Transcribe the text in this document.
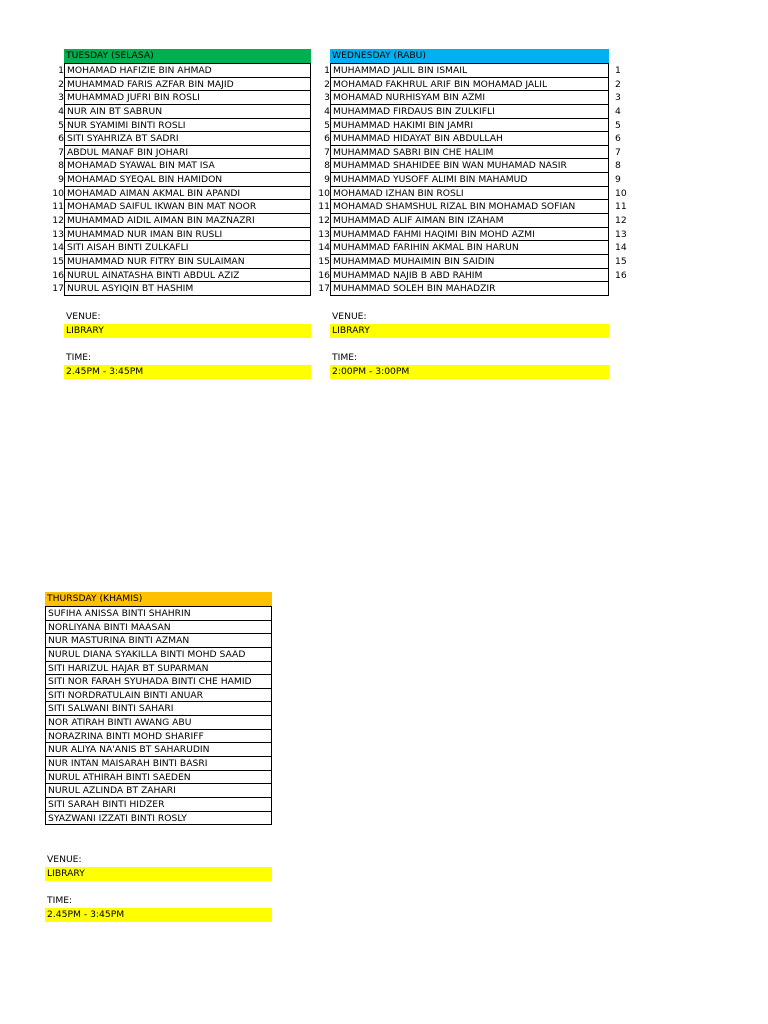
1
2
3
4
5
6
7
8
9
10
11
12
13
14
15
16
17
TUESDAY (SELASA)
MOHAMAD HAFIZIE BIN AHMAD
MUHAMMAD FARIS AZFAR BIN MAJID
MUHAMMAD JUFRI BIN ROSLI
NUR AIN BT SABRUN
NUR SYAMIMI BINTI ROSLI
SITI SYAHRIZA BT SADRI
ABDUL MANAF BIN JOHARI
MOHAMAD SYAWAL BIN MAT ISA
MOHAMAD SYEQAL BIN HAMIDON
MOHAMAD AIMAN AKMAL BIN APANDI
MOHAMAD SAIFUL IKWAN BIN MAT NOOR
MUHAMMAD AIDIL AIMAN BIN MAZNAZRI
MUHAMMAD NUR IMAN BIN RUSLI
SITI AISAH BINTI ZULKAFLI
MUHAMMAD NUR FITRY BIN SULAIMAN
NURUL AINATASHA BINTI ABDUL AZIZ
NURUL ASYIQIN BT HASHIM
VENUE:
LIBRARY
TIME:
2.45PM - 3:45PM
1
2
3
4
5
6
7
8
9
10
11
12
13
14
15
16
17
WEDNESDAY (RABU)
MUHAMMAD JALIL BIN ISMAIL
MOHAMAD FAKHRUL ARIF BIN MOHAMAD JALIL
MOHAMAD NURHISYAM BIN AZMI
MUHAMMAD FIRDAUS BIN ZULKIFLI
MUHAMMAD HAKIMI BIN JAMRI
MUHAMMAD HIDAYAT BIN ABDULLAH
MUHAMMAD SABRI BIN CHE HALIM
MUHAMMAD SHAHIDEE BIN WAN MUHAMAD NASIR
MUHAMMAD YUSOFF ALIMI BIN MAHAMUD
MOHAMAD IZHAN BIN ROSLI
MOHAMAD SHAMSHUL RIZAL BIN MOHAMAD SOFIAN
MUHAMMAD ALIF AIMAN BIN IZAHAM
MUHAMMAD FAHMI HAQIMI BIN MOHD AZMI
MUHAMMAD FARIHIN AKMAL BIN HARUN
MUHAMMAD MUHAIMIN BIN SAIDIN
MUHAMMAD NAJIB B ABD RAHIM
MUHAMMAD SOLEH BIN MAHADZIR
1
2
3
4
5
6
7
8
9
10
11
12
13
14
15
16
VENUE:
LIBRARY
TIME:
2:00PM - 3:00PM
THURSDAY (KHAMIS)
SUFIHA ANISSA BINTI SHAHRIN
NORLIYANA BINTI MAASAN
NUR MASTURINA BINTI AZMAN
NURUL DIANA SYAKILLA BINTI MOHD SAAD
SITI HARIZUL HAJAR BT SUPARMAN
SITI NOR FARAH SYUHADA BINTI CHE HAMID
SITI NORDRATULAIN BINTI ANUAR
SITI SALWANI BINTI SAHARI
NOR ATIRAH BINTI AWANG ABU
NORAZRINA BINTI MOHD SHARIFF
NUR ALIYA NA'ANIS BT SAHARUDIN
NUR INTAN MAISARAH BINTI BASRI
NURUL ATHIRAH BINTI SAEDEN
NURUL AZLINDA BT ZAHARI
SITI SARAH BINTI HIDZER
SYAZWANI IZZATI BINTI ROSLY
VENUE:
LIBRARY
TIME:
2.45PM - 3:45PM
